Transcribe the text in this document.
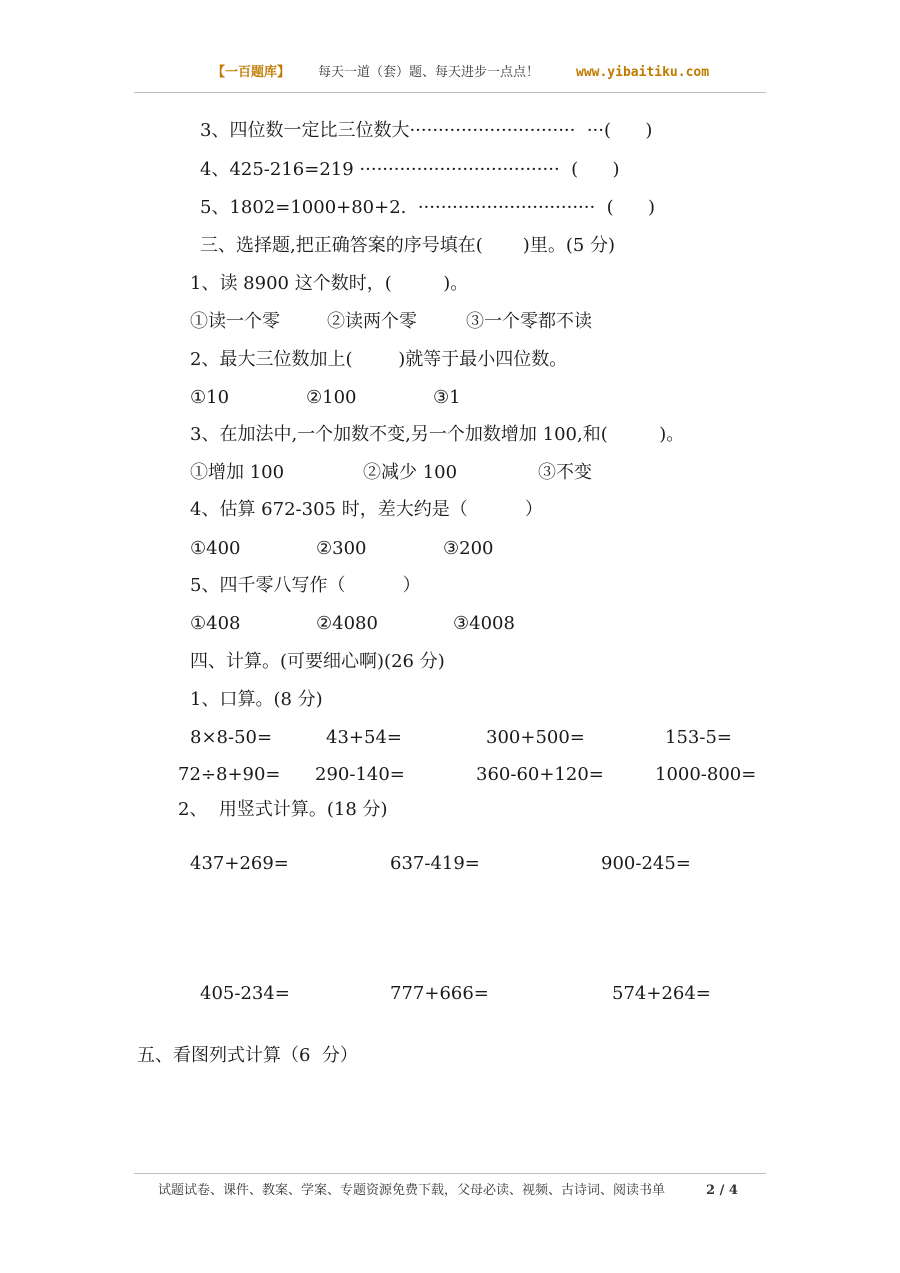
【一百题库】 每天一道（套）题、每天进步一点点！	www.yibaitiku.com
3、四位数一定比三位数大·····························  ···(      )
4、425-216=219 ···································  (      )
5、1802=1000+80+2.  ·······························  (      )
三、选择题,把正确答案的序号填在(       )里。(5 分)
1、读 8900 这个数时，(         )。
①读一个零	②读两个零	③一个零都不读
2、最大三位数加上(        )就等于最小四位数。
①10	②100	③1
3、在加法中,一个加数不变,另一个加数增加 100,和(         )。
①增加 100	②减少 100	③不变
4、估算 672-305 时，差大约是（          ）
①400	②300	③200
5、四千零八写作（          ）
①408	②4080	③4008
四、计算。(可要细心啊)(26 分)
1、口算。(8 分)
8×8-50=	43+54=	300+500=	153-5=
72÷8+90= 290-140=	360-60+120=	1000-800=
2、  用竖式计算。(18 分)
437+269=	637-419=	900-245=
405-234=	777+666=	574+264=
五、看图列式计算（6  分）
试题试卷、课件、教案、学案、专题资源免费下载，父母必读、视频、古诗词、阅读书单	2 / 4
